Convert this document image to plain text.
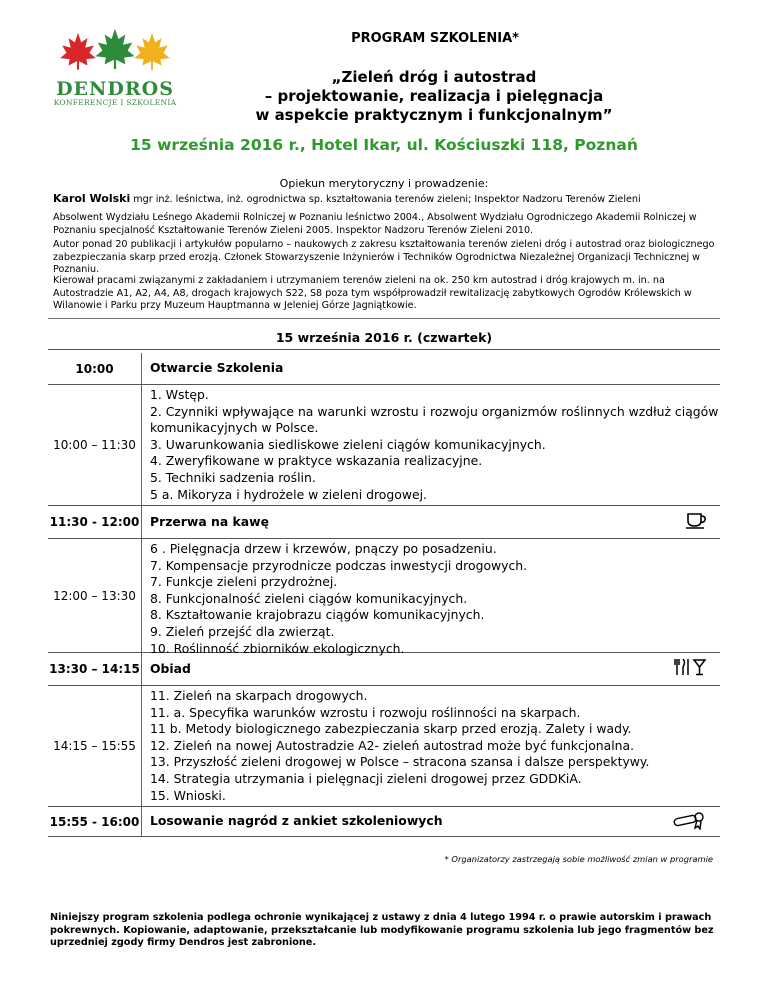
DENDROS
KONFERENCJE I SZKOLENIA
PROGRAM SZKOLENIA*
„Zieleń dróg i autostrad
– projektowanie, realizacja i pielęgnacja
w aspekcie praktycznym i funkcjonalnym”
15 września 2016 r., Hotel Ikar, ul. Kościuszki 118, Poznań
Opiekun merytoryczny i prowadzenie:
Karol Wolski mgr inż. leśnictwa, inż. ogrodnictwa sp. kształtowania terenów zieleni; Inspektor Nadzoru Terenów Zieleni
Absolwent Wydziału Leśnego Akademii Rolniczej w Poznaniu leśnictwo 2004., Absolwent Wydziału Ogrodniczego Akademii Rolniczej w Poznaniu specjalność Kształtowanie Terenów Zieleni 2005. Inspektor Nadzoru Terenów Zieleni 2010.
Autor ponad 20 publikacji i artykułów popularno – naukowych z zakresu kształtowania terenów zieleni dróg i autostrad oraz biologicznego zabezpieczania skarp przed erozją. Członek Stowarzyszenie Inżynierów i Techników Ogrodnictwa Niezależnej Organizacji Technicznej w Poznaniu.
Kierował pracami związanymi z zakładaniem i utrzymaniem terenów zieleni na ok. 250 km autostrad i dróg krajowych m. in. na Autostradzie A1, A2, A4, A8, drogach krajowych S22, S8 poza tym współprowadził rewitalizację zabytkowych Ogrodów Królewskich w Wilanowie i Parku przy Muzeum Hauptmanna w Jeleniej Górze Jagniątkowie.
15 września 2016 r. (czwartek)
10:00	Otwarcie Szkolenia
10:00 – 11:30
1. Wstęp.
2. Czynniki wpływające na warunki wzrostu i rozwoju organizmów roślinnych wzdłuż ciągów komunikacyjnych w Polsce.
3. Uwarunkowania siedliskowe zieleni ciągów komunikacyjnych.
4. Zweryfikowane w praktyce wskazania realizacyjne.
5. Techniki sadzenia roślin.
5 a. Mikoryza i hydrożele w zieleni drogowej.
11:30 - 12:00 Przerwa na kawę
12:00 – 13:30
6 . Pielęgnacja drzew i krzewów, pnączy po posadzeniu.
7. Kompensacje przyrodnicze podczas inwestycji drogowych.
7. Funkcje zieleni przydrożnej.
8. Funkcjonalność zieleni ciągów komunikacyjnych.
8. Kształtowanie krajobrazu ciągów komunikacyjnych.
9. Zieleń przejść dla zwierząt.
10. Roślinność zbiorników ekologicznych.
13:30 – 14:15 Obiad
14:15 – 15:55
11. Zieleń na skarpach drogowych.
11. a. Specyfika warunków wzrostu i rozwoju roślinności na skarpach.
11 b. Metody biologicznego zabezpieczania skarp przed erozją. Zalety i wady.
12. Zieleń na nowej Autostradzie A2- zieleń autostrad może być funkcjonalna.
13. Przyszłość zieleni drogowej w Polsce – stracona szansa i dalsze perspektywy.
14. Strategia utrzymania i pielęgnacji zieleni drogowej przez GDDKiA.
15. Wnioski.
15:55 - 16:00 Losowanie nagród z ankiet szkoleniowych
* Organizatorzy zastrzegają sobie możliwość zmian w programie
Niniejszy program szkolenia podlega ochronie wynikającej z ustawy z dnia 4 lutego 1994 r. o prawie autorskim i prawach pokrewnych. Kopiowanie, adaptowanie, przekształcanie lub modyfikowanie programu szkolenia lub jego fragmentów bez uprzedniej zgody firmy Dendros jest zabronione.
